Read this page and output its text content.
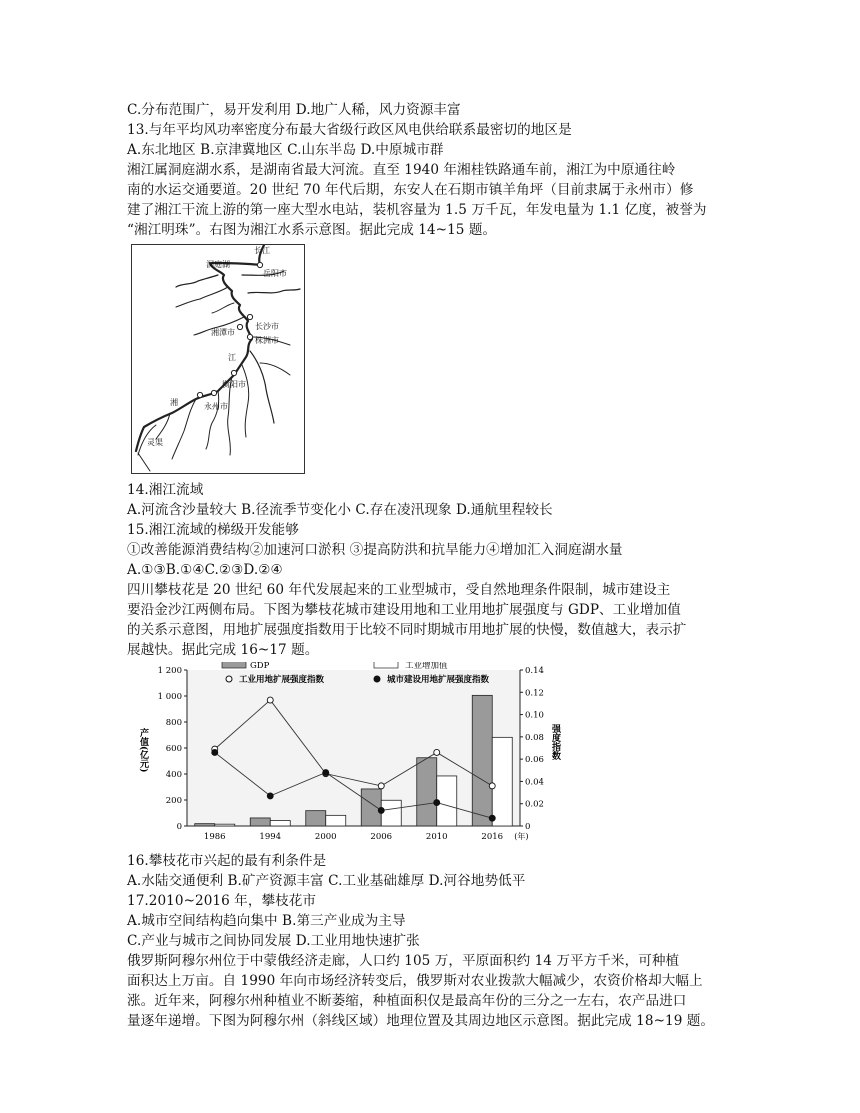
C.分布范围广，易开发利用 D.地广人稀，风力资源丰富
13.与年平均风功率密度分布最大省级行政区风电供给联系最密切的地区是
A.东北地区 B.京津冀地区 C.山东半岛 D.中原城市群
湘江属洞庭湖水系，是湖南省最大河流。直至 1940 年湘桂铁路通车前，湘江为中原通往岭
南的水运交通要道。20 世纪 70 年代后期，东安人在石期市镇羊角坪（目前隶属于永州市）修
建了湘江干流上游的第一座大型水电站，装机容量为 1.5 万千瓦，年发电量为 1.1 亿度，被誉为
“湘江明珠”。右图为湘江水系示意图。据此完成 14~15 题。
长江
洞庭湖
岳阳市
长沙市
湘潭市
株洲市
江
衡阳市
湘	永州市
灵渠
14.湘江流域
A.河流含沙量较大 B.径流季节变化小 C.存在凌汛现象 D.通航里程较长
15.湘江流域的梯级开发能够
①改善能源消费结构②加速河口淤积 ③提高防洪和抗旱能力④增加汇入洞庭湖水量
A.①③B.①④C.②③D.②④
四川攀枝花是 20 世纪 60 年代发展起来的工业型城市，受自然地理条件限制，城市建设主
要沿金沙江两侧布局。下图为攀枝花城市建设用地和工业用地扩展强度与 GDP、工业增加值
的关系示意图，用地扩展强度指数用于比较不同时期城市用地扩展的快慢，数值越大，表示扩
展越快。据此完成 16~17 题。
0
200
400
600
800
1 000
1 200
0
0.02
0.04
0.06
0.08
0.10
0.12
0.14
产值(亿元)	强度指数
1986	1994	2000	2006	2010	2016 (年)
GDP	工业增加值
工业用地扩展强度指数	城市建设用地扩展强度指数
16.攀枝花市兴起的最有利条件是
A.水陆交通便利 B.矿产资源丰富 C.工业基础雄厚 D.河谷地势低平
17.2010~2016 年，攀枝花市
A.城市空间结构趋向集中 B.第三产业成为主导
C.产业与城市之间协同发展 D.工业用地快速扩张
俄罗斯阿穆尔州位于中蒙俄经济走廊，人口约 105 万，平原面积约 14 万平方千米，可种植
面积达上万亩。自 1990 年向市场经济转变后，俄罗斯对农业拨款大幅减少，农资价格却大幅上
涨。近年来，阿穆尔州种植业不断萎缩，种植面积仅是最高年份的三分之一左右，农产品进口
量逐年递增。下图为阿穆尔州（斜线区域）地理位置及其周边地区示意图。据此完成 18~19 题。
